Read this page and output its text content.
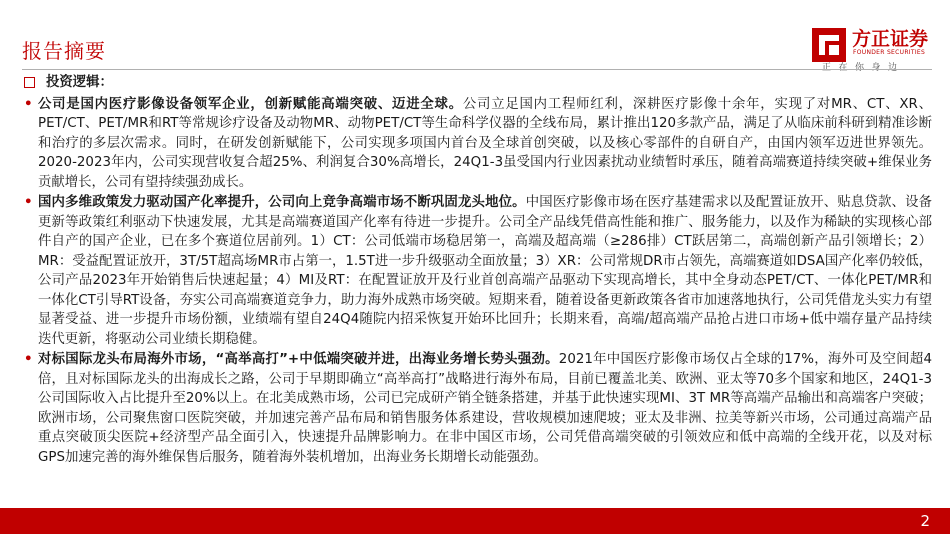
报告摘要	方正证券
FOUNDER SECURITIES
正在你身边
投资逻辑：
• 公司是国内医疗影像设备领军企业，创新赋能高端突破、迈进全球。公司立足国内工程师红利，深耕医疗影像十余年，实现了对MR、CT、XR、PET/CT、PET/MR和RT等常规诊疗设备及动物MR、动物PET/CT等生命科学仪器的全线布局，累计推出120多款产品，满足了从临床前科研到精准诊断和治疗的多层次需求。同时，在研发创新赋能下，公司实现多项国内首台及全球首创突破，以及核心零部件的自研自产，由国内领军迈进世界领先。2020-2023年内，公司实现营收复合超25%、利润复合30%高增长，24Q1-3虽受国内行业因素扰动业绩暂时承压，随着高端赛道持续突破+维保业务贡献增长，公司有望持续强劲成长。
• 国内多维政策发力驱动国产化率提升，公司向上竞争高端市场不断巩固龙头地位。中国医疗影像市场在医疗基建需求以及配置证放开、贴息贷款、设备更新等政策红利驱动下快速发展，尤其是高端赛道国产化率有待进一步提升。公司全产品线凭借高性能和推广、服务能力，以及作为稀缺的实现核心部件自产的国产企业，已在多个赛道位居前列。1）CT：公司低端市场稳居第一，高端及超高端（≥286排）CT跃居第二，高端创新产品引领增长；2）MR：受益配置证放开，3T/5T超高场MR市占第一，1.5T进一步升级驱动全面放量；3）XR：公司常规DR市占领先，高端赛道如DSA国产化率仍较低，公司产品2023年开始销售后快速起量；4）MI及RT：在配置证放开及行业首创高端产品驱动下实现高增长，其中全身动态PET/CT、一体化PET/MR和一体化CT引导RT设备，夯实公司高端赛道竞争力，助力海外成熟市场突破。短期来看，随着设备更新政策各省市加速落地执行，公司凭借龙头实力有望显著受益、进一步提升市场份额，业绩端有望自24Q4随院内招采恢复开始环比回升；长期来看，高端/超高端产品抢占进口市场+低中端存量产品持续迭代更新，将驱动公司业绩长期稳健。
• 对标国际龙头布局海外市场，“高举高打”+中低端突破并进，出海业务增长势头强劲。2021年中国医疗影像市场仅占全球的17%，海外可及空间超4倍，且对标国际龙头的出海成长之路，公司于早期即确立“高举高打”战略进行海外布局，目前已覆盖北美、欧洲、亚太等70多个国家和地区，24Q1-3公司国际收入占比提升至20%以上。在北美成熟市场，公司已完成研产销全链条搭建，并基于此快速实现MI、3T MR等高端产品输出和高端客户突破；欧洲市场，公司聚焦窗口医院突破，并加速完善产品布局和销售服务体系建设，营收规模加速爬坡；亚太及非洲、拉美等新兴市场，公司通过高端产品重点突破顶尖医院+经济型产品全面引入，快速提升品牌影响力。在非中国区市场，公司凭借高端突破的引领效应和低中高端的全线开花，以及对标GPS加速完善的海外维保售后服务，随着海外装机增加，出海业务长期增长动能强劲。
2
